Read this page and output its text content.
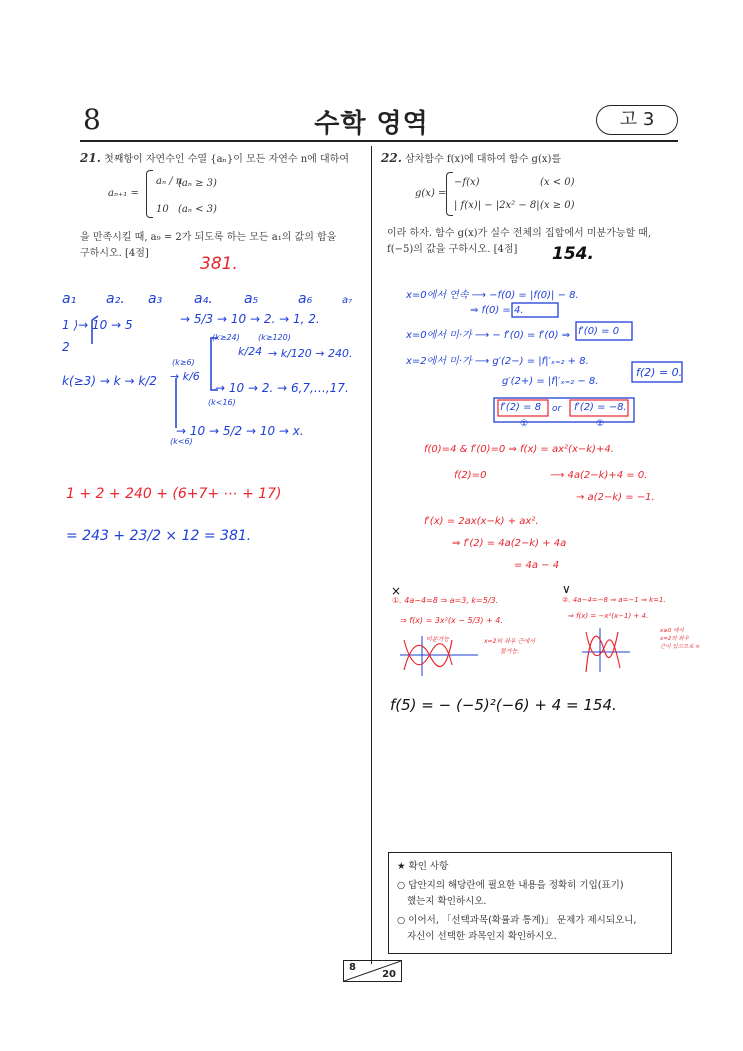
8	수학 영역	고 3
21. 첫째항이 자연수인 수열 {aₙ}이 모든 자연수 n에 대하여
aₙ₊₁ =
aₙ / n
(aₙ ≥ 3)
10 (aₙ < 3)
을 만족시킬 때, a₉ = 2가 되도록 하는 모든 a₁의 값의 합을
구하시오. [4점]
381.
a₁ a₂. a₃ a₄. a₅	a₆	a₇
1 ⟩→ 10 → 5	→ 5/3 → 10 → 2. → 1, 2.
2
(k≥24) (k≥120)
k/24 → k/120 → 240.
(k≥6)
k(≥3) → k → k/2 → k/6
→ 10 → 2. → 6,7,…,17.
(k<16)
→ 10 → 5/2 → 10 → x.
(k<6)
1 + 2 + 240 + (6+7+ ⋯ + 17)
= 243 + 23/2 × 12 = 381.
22. 삼차함수 f(x)에 대하여 함수 g(x)를
g(x) =
−f(x)	(x < 0)
| f(x)| − |2x² − 8| (x ≥ 0)
이라 하자. 함수 g(x)가 실수 전체의 집합에서 미분가능할 때,
f(−5)의 값을 구하시오. [4점] 154.
x=0에서 연속 ⟶ −f(0) = |f(0)| − 8.
⇒ f(0) = 4.
x=0에서 미·가 ⟶ − f′(0) = f′(0) ⇒ f′(0) = 0
x=2에서 미·가 ⟶ g′(2−) = |f|′ₓ₌₂ + 8.
g′(2+) = |f|′ₓ₌₂ − 8.
f(2) = 0.
f′(2) = 8 or f′(2) = −8.
①	②
f(0)=4 & f′(0)=0 ⇒ f(x) = ax²(x−k)+4.
f(2)=0	⟶ 4a(2−k)+4 = 0.
→ a(2−k) = −1.
f′(x) = 2ax(x−k) + ax².
⇒ f′(2) = 4a(2−k) + 4a
= 4a − 4
×	∨
①. 4a−4=8 ⇒ a=3, k=5/3.
⇒ f(x) = 3x²(x − 5/3) + 4.
②. 4a−4=−8 ⇒ a=−1 ⇒ k=1.
⇒ f(x) = −x²(x−1) + 4.
x=2의 좌우 근에서
불가능.
미분가능
x≥0 에서
x=2의 좌우
근이 있으므로 ×
f(5) = − (−5)²(−6) + 4 = 154.
★ 확인 사항
○ 답안지의 해당란에 필요한 내용을 정확히 기입(표기)
했는지 확인하시오.
○ 이어서, 「선택과목(확률과 통계)」 문제가 제시되오니,
자신이 선택한 과목인지 확인하시오.
8
20
